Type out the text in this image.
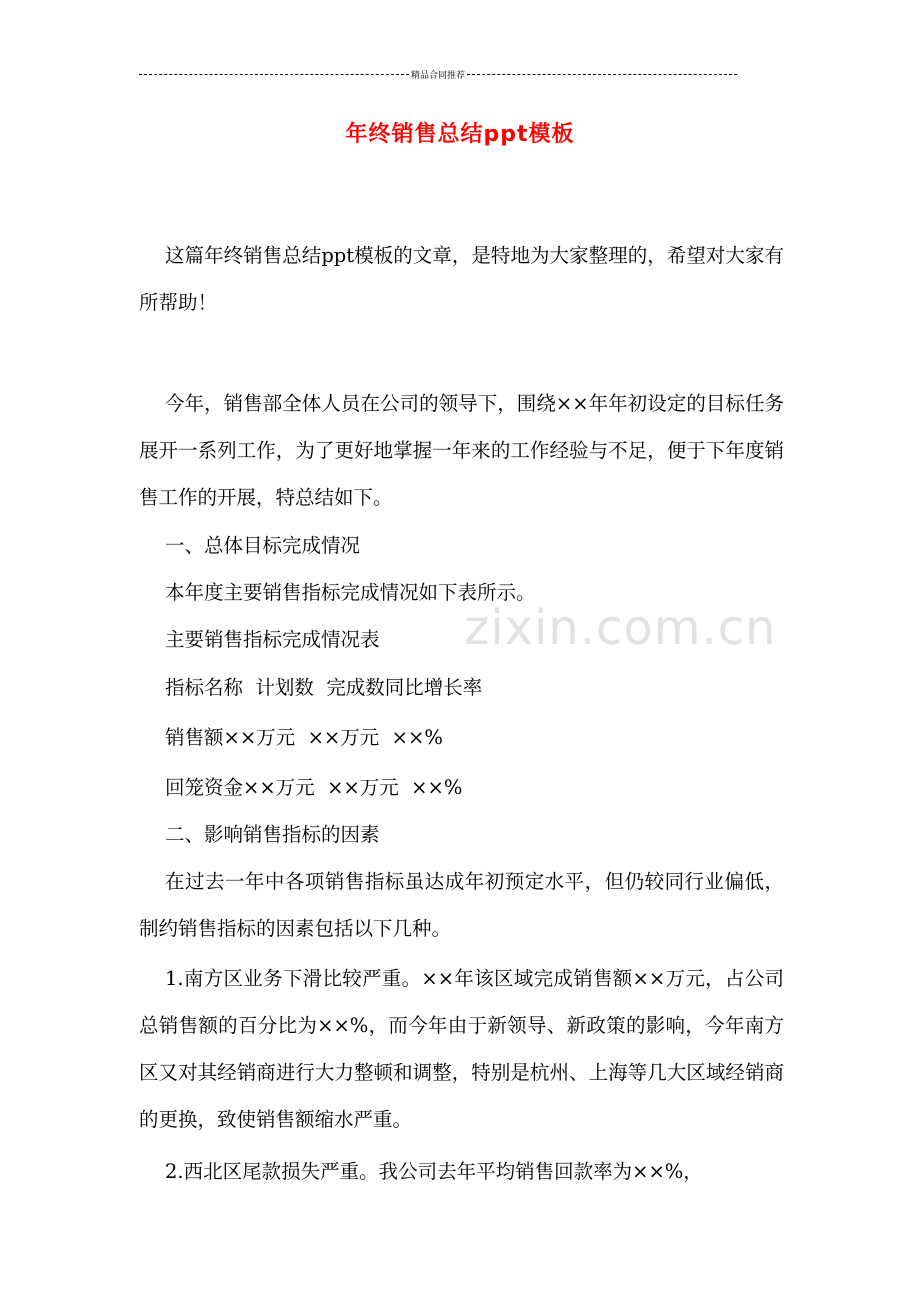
精品合同推荐
年终销售总结ppt模板
zixin.com.cn

这篇年终销售总结ppt模板的文章，是特地为大家整理的，希望对大家有所帮助！

今年，销售部全体人员在公司的领导下，围绕××年年初设定的目标任务展开一系列工作，为了更好地掌握一年来的工作经验与不足，便于下年度销售工作的开展，特总结如下。

一、总体目标完成情况

本年度主要销售指标完成情况如下表所示。

主要销售指标完成情况表

指标名称  计划数  完成数同比增长率

销售额××万元  ××万元  ××%

回笼资金××万元  ××万元  ××%

二、影响销售指标的因素

在过去一年中各项销售指标虽达成年初预定水平，但仍较同行业偏低，制约销售指标的因素包括以下几种。

1.南方区业务下滑比较严重。××年该区域完成销售额××万元，占公司总销售额的百分比为××%，而今年由于新领导、新政策的影响，今年南方区又对其经销商进行大力整顿和调整，特别是杭州、上海等几大区域经销商的更换，致使销售额缩水严重。

2.西北区尾款损失严重。我公司去年平均销售回款率为××%，
